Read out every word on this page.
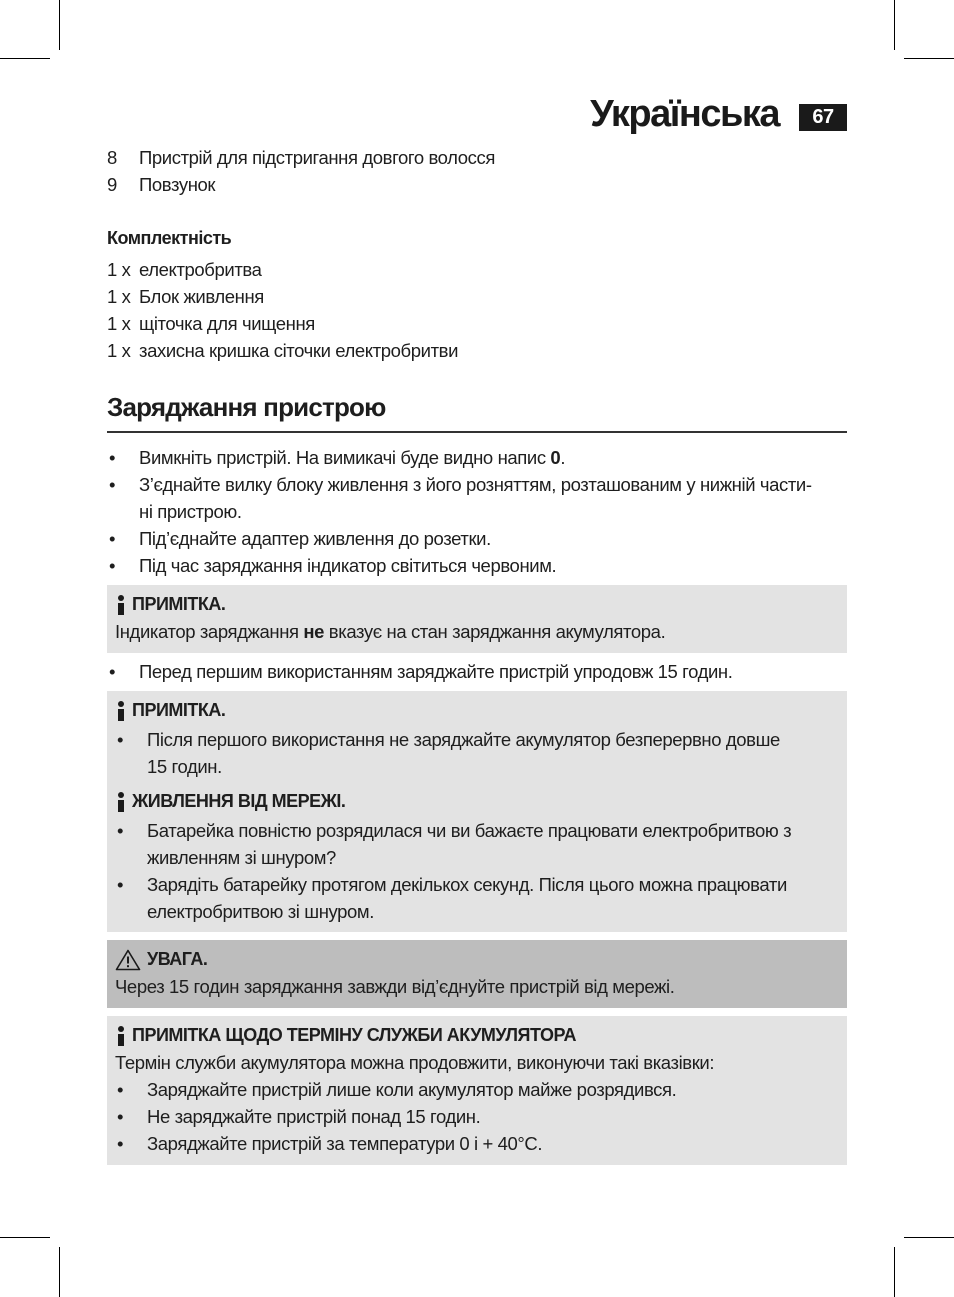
Українська	67
8 Пристрій для підстригання довгого волосся
9 Повзунок
Комплектність
1 x електробритва
1 x Блок живлення
1 x щіточка для чищення
1 x захисна кришка сіточки електробритви
Заряджання пристрою
• Вимкніть пристрій. На вимикачі буде видно напис 0.
• З’єднайте вилку блоку живлення з його розняттям, розташованим у нижній части-
ні пристрою.
• Під’єднайте адаптер живлення до розетки.
• Під час заряджання індикатор світиться червоним.
ПРИМІТКА.
Індикатор заряджання не вказує на стан заряджання акумулятора.
• Перед першим використанням заряджайте пристрій упродовж 15 годин.
ПРИМІТКА.
• Після першого використання не заряджайте акумулятор безперервно довше
15 годин.
ЖИВЛЕННЯ ВІД МЕРЕЖІ.
• Батарейка повністю розрядилася чи ви бажаєте працювати електробритвою з
живленням зі шнуром?
• Зарядіть батарейку протягом декількох секунд. Після цього можна працювати
електробритвою зі шнуром.
УВАГА.
Через 15 годин заряджання завжди від’єднуйте пристрій від мережі.
ПРИМІТКА ЩОДО ТЕРМІНУ СЛУЖБИ АКУМУЛЯТОРА
Термін служби акумулятора можна продовжити, виконуючи такі вказівки:
• Заряджайте пристрій лише коли акумулятор майже розрядився.
• Не заряджайте пристрій понад 15 годин.
• Заряджайте пристрій за температури 0 і + 40°C.
